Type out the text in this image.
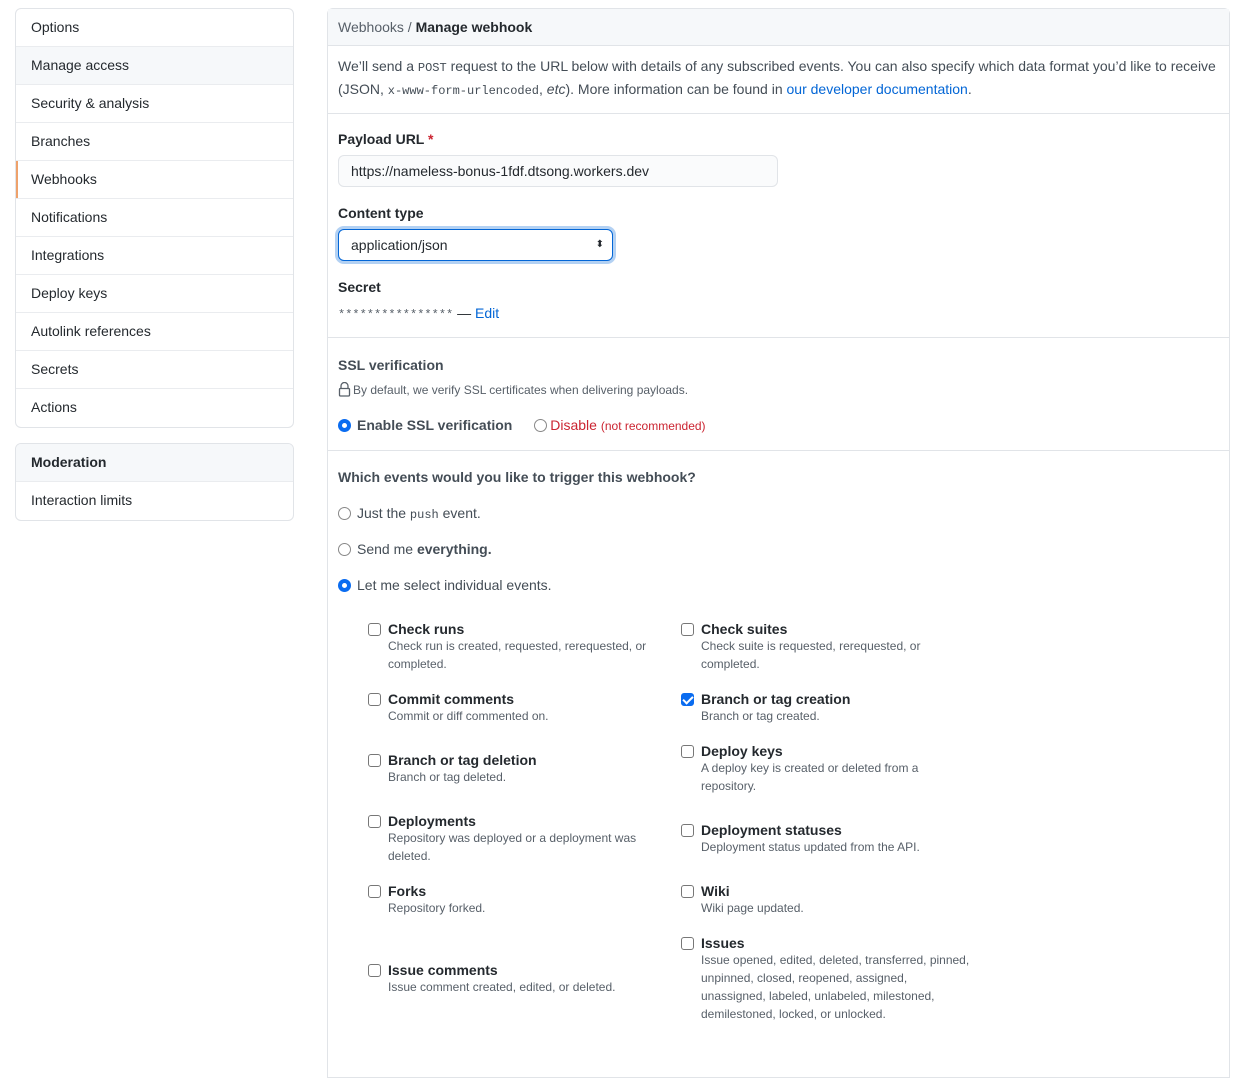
Options
Manage access
Security & analysis
Branches
Webhooks
Notifications
Integrations
Deploy keys
Autolink references
Secrets
Actions
Moderation
Interaction limits
Webhooks / Manage webhook
We’ll send a POST request to the URL below with details of any subscribed events. You can also specify which data format you’d like to receive (JSON, x-www-form-urlencoded, etc). More information can be found in our developer documentation.
Payload URL *
https://nameless-bonus-1fdf.dtsong.workers.dev
Content type
application/json	⬍
Secret
**************** — Edit
SSL verification
By default, we verify SSL certificates when delivering payloads.
Enable SSL verification	Disable (not recommended)
Which events would you like to trigger this webhook?
Just the push event.
Send me everything.
Let me select individual events.
Check runs
Check run is created, requested, rerequested, or completed.
Check suites
Check suite is requested, rerequested, or completed.
Commit comments
Commit or diff commented on.
Branch or tag creation
Branch or tag created.
Branch or tag deletion
Branch or tag deleted.
Deploy keys
A deploy key is created or deleted from a repository.
Deployments
Repository was deployed or a deployment was deleted.
Deployment statuses
Deployment status updated from the API.
Forks
Repository forked.
Wiki
Wiki page updated.
Issue comments
Issue comment created, edited, or deleted.
Issues
Issue opened, edited, deleted, transferred, pinned, unpinned, closed, reopened, assigned, unassigned, labeled, unlabeled, milestoned, demilestoned, locked, or unlocked.
